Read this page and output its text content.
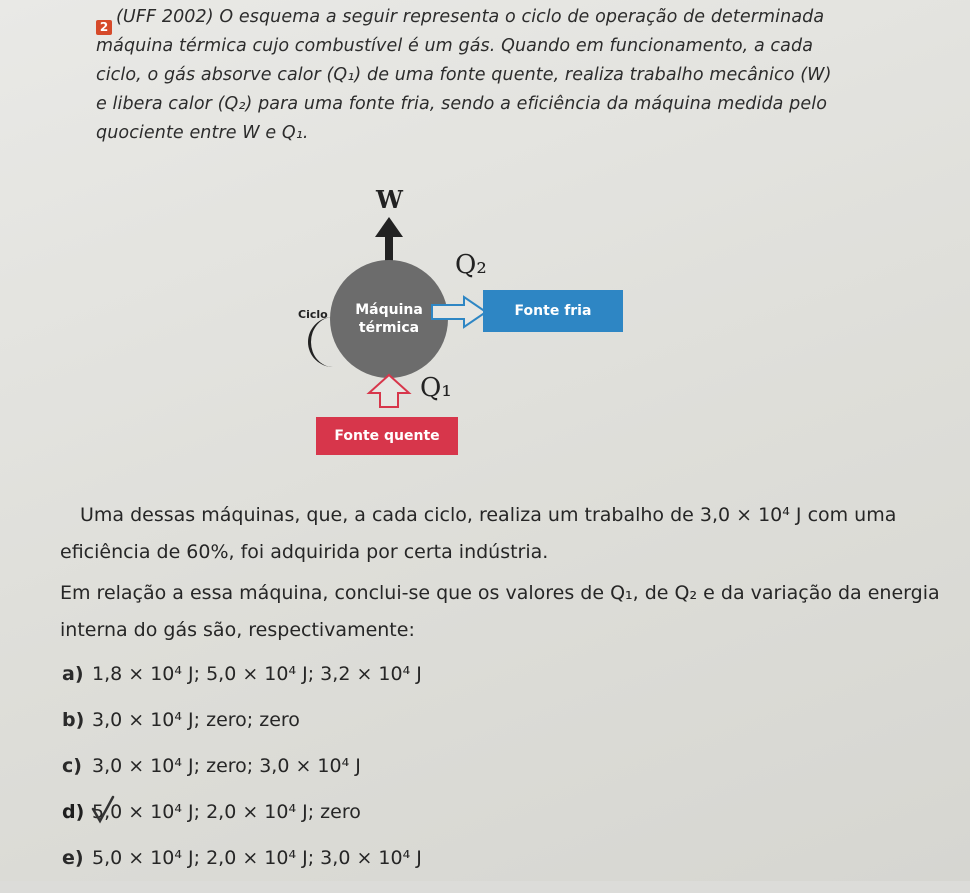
2 (UFF 2002) O esquema a seguir representa o ciclo de operação de determinada

máquina térmica cujo combustível é um gás. Quando em funcionamento, a cada

ciclo, o gás absorve calor (Q₁) de uma fonte quente, realiza trabalho mecânico (W)

e libera calor (Q₂) para uma fonte fria, sendo a eficiência da máquina medida pelo

quociente entre W e Q₁.

W
Q₂
Ciclo Máquina
térmica
Fonte fria
Q₁
Fonte quente

Uma dessas máquinas, que, a cada ciclo, realiza um trabalho de 3,0 × 10⁴ J com uma eficiência de 60%, foi adquirida por certa indústria.

Em relação a essa máquina, conclui-se que os valores de Q₁, de Q₂ e da variação da energia interna do gás são, respectivamente:

a) 1,8 × 10⁴ J; 5,0 × 10⁴ J; 3,2 × 10⁴ J
b) 3,0 × 10⁴ J; zero; zero
c) 3,0 × 10⁴ J; zero; 3,0 × 10⁴ J
d) 5,0 × 10⁴ J; 2,0 × 10⁴ J; zero
e) 5,0 × 10⁴ J; 2,0 × 10⁴ J; 3,0 × 10⁴ J
